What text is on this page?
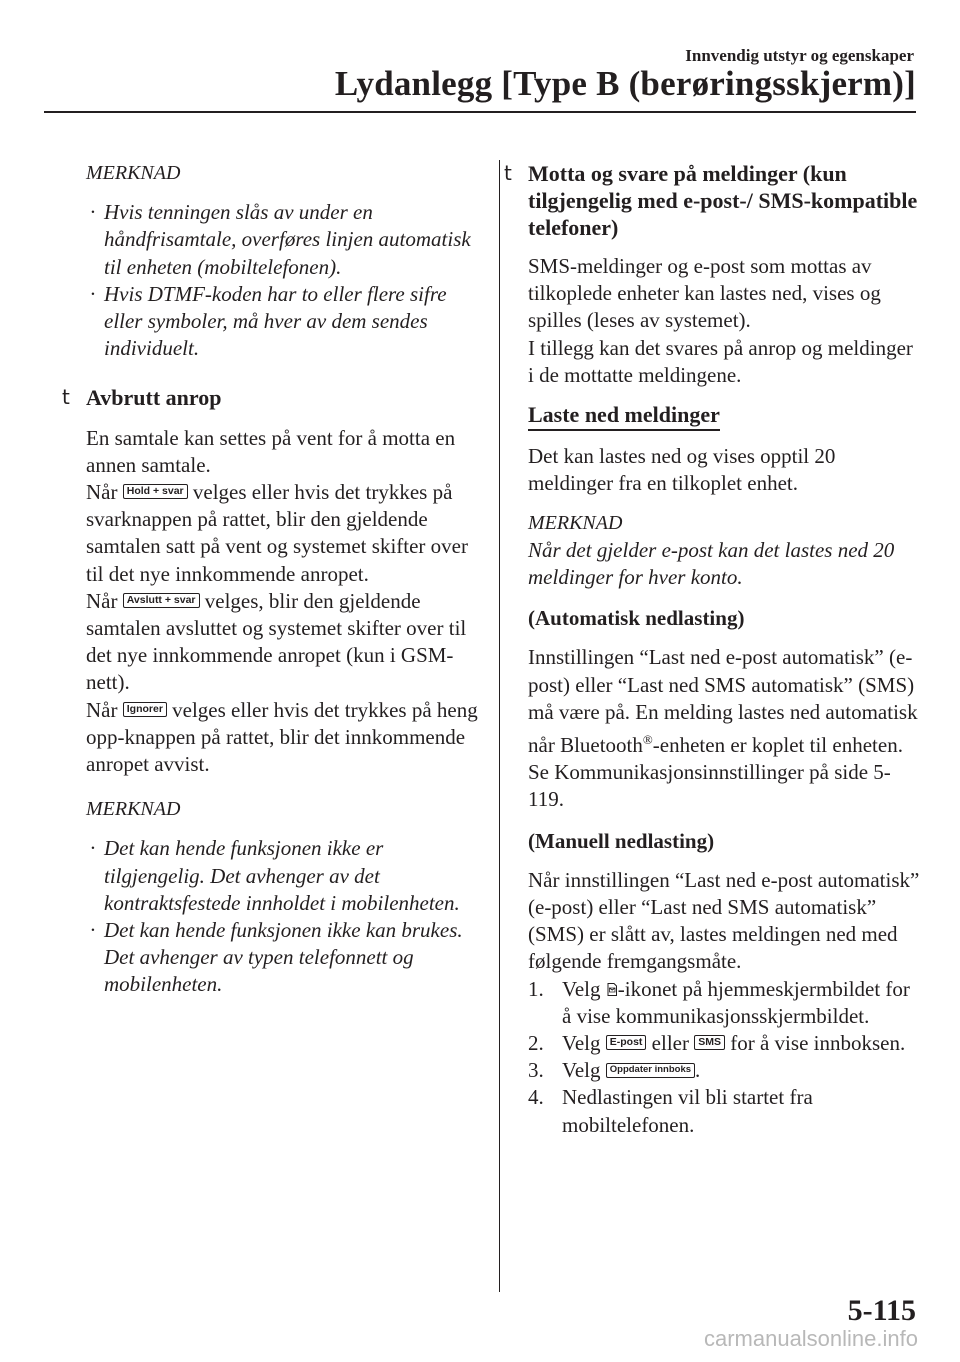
Innvendig utstyr og egenskaper
Lydanlegg [Type B (berøringsskjerm)]

MERKNAD

· Hvis tenningen slås av under en håndfrisamtale, overføres linjen automatisk til enheten (mobiltelefonen).
· Hvis DTMF-koden har to eller flere sifre eller symboler, må hver av dem sendes individuelt.

t Avbrutt anrop

En samtale kan settes på vent for å motta en annen samtale.

Når Hold + svar velges eller hvis det trykkes på svarknappen på rattet, blir den gjeldende samtalen satt på vent og systemet skifter over til det nye innkommende anropet.

Når Avslutt + svar velges, blir den gjeldende samtalen avsluttet og systemet skifter over til det nye innkommende anropet (kun i GSM-nett).

Når Ignorer velges eller hvis det trykkes på heng opp-knappen på rattet, blir det innkommende anropet avvist.

MERKNAD

· Det kan hende funksjonen ikke er tilgjengelig. Det avhenger av det kontraktsfestede innholdet i mobilenheten.
· Det kan hende funksjonen ikke kan brukes. Det avhenger av typen telefonnett og mobilenheten.

t Motta og svare på meldinger (kun tilgjengelig med e-post-/ SMS-kompatible telefoner)

SMS-meldinger og e-post som mottas av tilkoplede enheter kan lastes ned, vises og spilles (leses av systemet).

I tillegg kan det svares på anrop og meldinger i de mottatte meldingene.

Laste ned meldinger

Det kan lastes ned og vises opptil 20 meldinger fra en tilkoplet enhet.

MERKNAD

Når det gjelder e-post kan det lastes ned 20 meldinger for hver konto.

(Automatisk nedlasting)

Innstillingen “Last ned e-post automatisk” (e-post) eller “Last ned SMS automatisk” (SMS) må være på. En melding lastes ned automatisk når Bluetooth®-enheten er koplet til enheten.

Se Kommunikasjonsinnstillinger på side 5-119.

(Manuell nedlasting)

Når innstillingen “Last ned e-post automatisk” (e-post) eller “Last ned SMS automatisk” (SMS) er slått av, lastes meldingen ned med følgende fremgangsmåte.

1. Velg -ikonet på hjemmeskjermbildet for å vise kommunikasjonsskjermbildet.
2. Velg E-post eller SMS for å vise innboksen.
3. Velg Oppdater innboks .
4. Nedlastingen vil bli startet fra mobiltelefonen.
5-115
carmanualsonline.info
